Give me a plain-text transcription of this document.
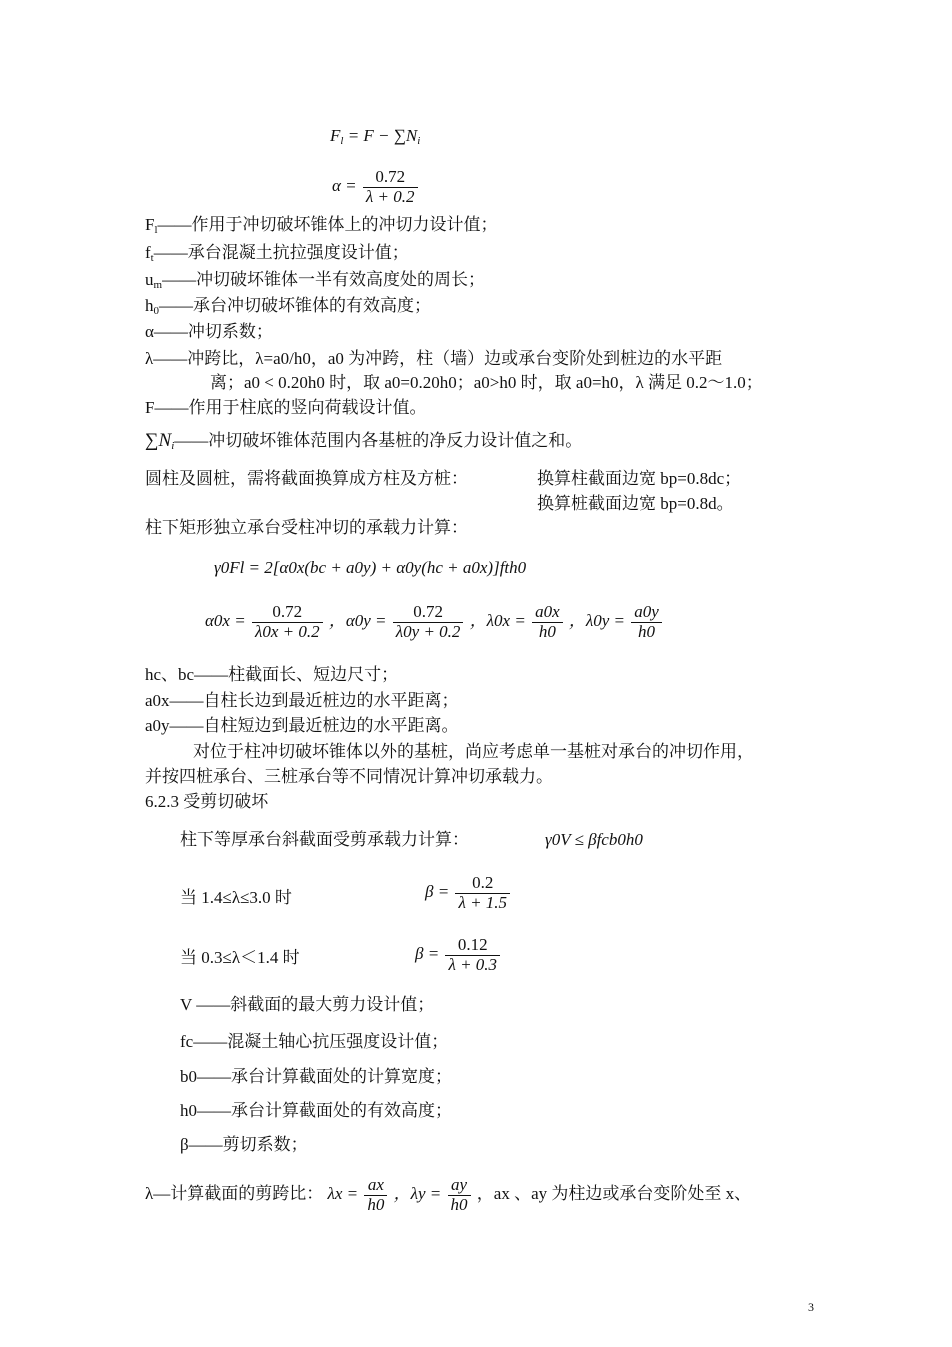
$F_l = F - \sum N_i$
$\alpha = \frac{0.72}{\lambda + 0.2}$
$F_l——$作用于冲切破坏锥体上的冲切力设计值；
$f_t——$承台混凝土抗拉强度设计值；
$u_m——$冲切破坏锥体一半有效高度处的周长；
$h_0——$承台冲切破坏锥体的有效高度；
α——冲切系数；
λ——冲跨比，λ=a0/h0，a0 为冲跨，柱（墙）边或承台变阶处到桩边的水平距
离；a0 < 0.20h0 时，取 a0=0.20h0；a0>h0 时，取 a0=h0，λ 满足 0.2～1.0；
F——作用于柱底的竖向荷载设计值。
$\sum N_i——$冲切破坏锥体范围内各基桩的净反力设计值之和。
圆柱及圆桩，需将截面换算成方柱及方桩：	换算柱截面边宽 bp=0.8dc；
换算桩截面边宽 bp=0.8d。
柱下矩形独立承台受柱冲切的承载力计算：
γ0Fl = 2[α0x(bc + a0y) + α0y(hc + a0x)]fth0
$\alpha 0x = \frac{0.72}{\lambda 0x + 0.2}$ ，$\alpha 0y = \frac{0.72}{\lambda 0y + 0.2}$ ，$\lambda 0x = \frac{a0x}{h0}$ ，$\lambda 0y = \frac{a0y}{h0}$
hc、bc——柱截面长、短边尺寸；
a0x——自柱长边到最近桩边的水平距离；
a0y——自柱短边到最近桩边的水平距离。
对位于柱冲切破坏锥体以外的基桩，尚应考虑单一基桩对承台的冲切作用，
并按四桩承台、三桩承台等不同情况计算冲切承载力。
6.2.3 受剪切破坏
柱下等厚承台斜截面受剪承载力计算：	γ0V ≤ βfcb0h0
当 1.4≤λ≤3.0 时	$\beta = \frac{0.2}{\lambda + 1.5}$
当 0.3≤λ＜1.4 时	$\beta = \frac{0.12}{\lambda + 0.3}$
V ——斜截面的最大剪力设计值；
fc——混凝土轴心抗压强度设计值；
b0——承台计算截面处的计算宽度；
h0——承台计算截面处的有效高度；
β——剪切系数；
λ—计算截面的剪跨比： $\lambda x = \frac{ax}{h0}$ ，$\lambda y = \frac{ay}{h0}$ ，ax 、ay 为柱边或承台变阶处至 x、
3
